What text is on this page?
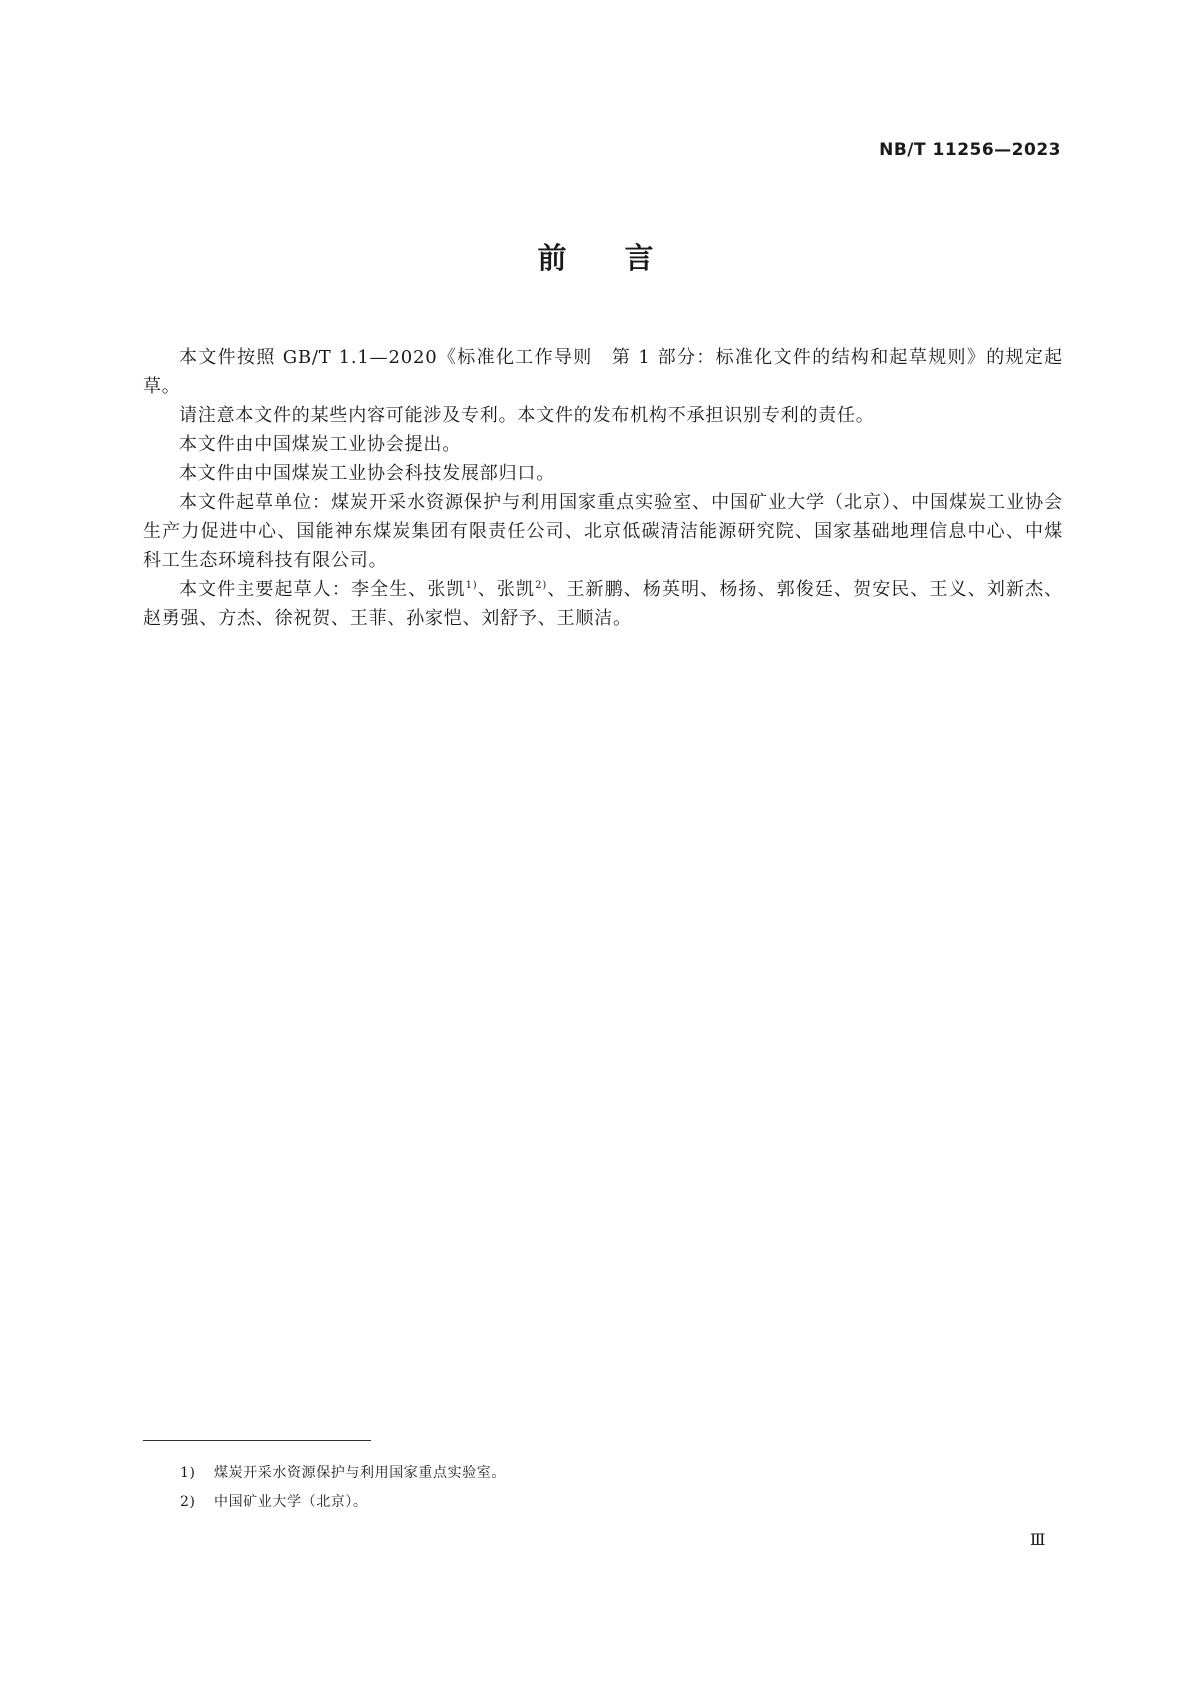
NB/T 11256—2023
前言

本文件按照 GB/T 1.1—2020《标准化工作导则　第 1 部分：标准化文件的结构和起草规则》的规定起草。

请注意本文件的某些内容可能涉及专利。本文件的发布机构不承担识别专利的责任。

本文件由中国煤炭工业协会提出。

本文件由中国煤炭工业协会科技发展部归口。

本文件起草单位：煤炭开采水资源保护与利用国家重点实验室、中国矿业大学（北京）、中国煤炭工业协会生产力促进中心、国能神东煤炭集团有限责任公司、北京低碳清洁能源研究院、国家基础地理信息中心、中煤科工生态环境科技有限公司。

本文件主要起草人：李全生、张凯$^{1)}$、张凯$^{2)}$、王新鹏、杨英明、杨扬、郭俊廷、贺安民、王义、刘新杰、赵勇强、方杰、徐祝贺、王菲、孙家恺、刘舒予、王顺洁。

1) 煤炭开采水资源保护与利用国家重点实验室。
2) 中国矿业大学（北京）。
Ⅲ
